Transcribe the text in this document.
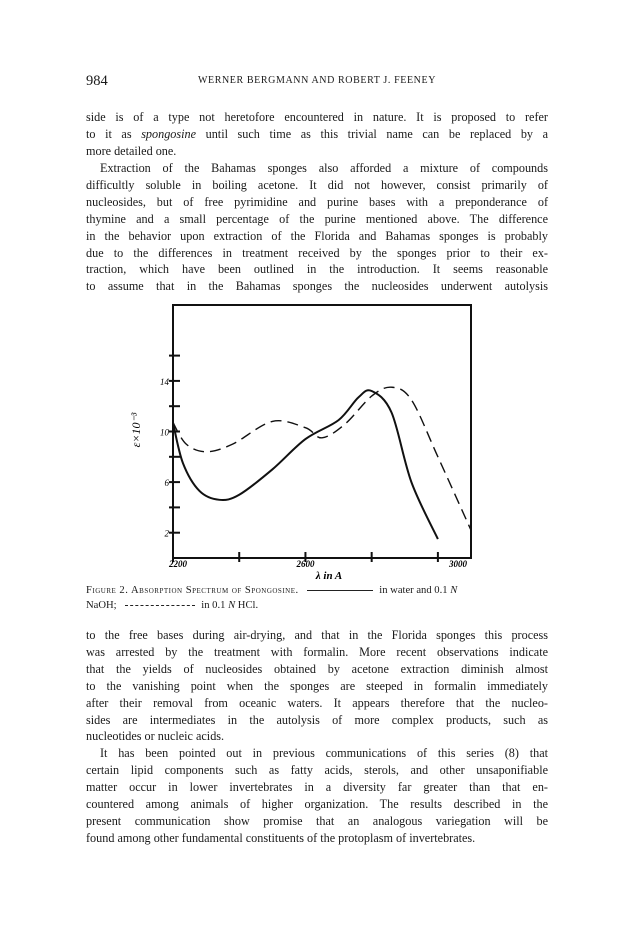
984	WERNER BERGMANN AND ROBERT J. FEENEY
side is of a type not heretofore encountered in nature. It is proposed to refer
to it as spongosine until such time as this trivial name can be replaced by a
more detailed one.
Extraction of the Bahamas sponges also afforded a mixture of compounds
difficultly soluble in boiling acetone. It did not however, consist primarily of
nucleosides, but of free pyrimidine and purine bases with a preponderance of
thymine and a small percentage of the purine mentioned above. The difference
in the behavior upon extraction of the Florida and Bahamas sponges is probably
due to the differences in treatment received by the sponges prior to their ex-
traction, which have been outlined in the introduction. It seems reasonable
to assume that in the Bahamas sponges the nucleosides underwent autolysis
2
6
10
14
2200	2600	3000
ε×10⁻³
λ in A
Figure 2. Absorption Spectrum of Spongosine.	in water and 0.1 N
NaOH;	in 0.1 N HCl.
to the free bases during air-drying, and that in the Florida sponges this process
was arrested by the treatment with formalin. More recent observations indicate
that the yields of nucleosides obtained by acetone extraction diminish almost
to the vanishing point when the sponges are steeped in formalin immediately
after their removal from oceanic waters. It appears therefore that the nucleo-
sides are intermediates in the autolysis of more complex products, such as
nucleotides or nucleic acids.
It has been pointed out in previous communications of this series (8) that
certain lipid components such as fatty acids, sterols, and other unsaponifiable
matter occur in lower invertebrates in a diversity far greater than that en-
countered among animals of higher organization. The results described in the
present communication show promise that an analogous variegation will be
found among other fundamental constituents of the protoplasm of invertebrates.
